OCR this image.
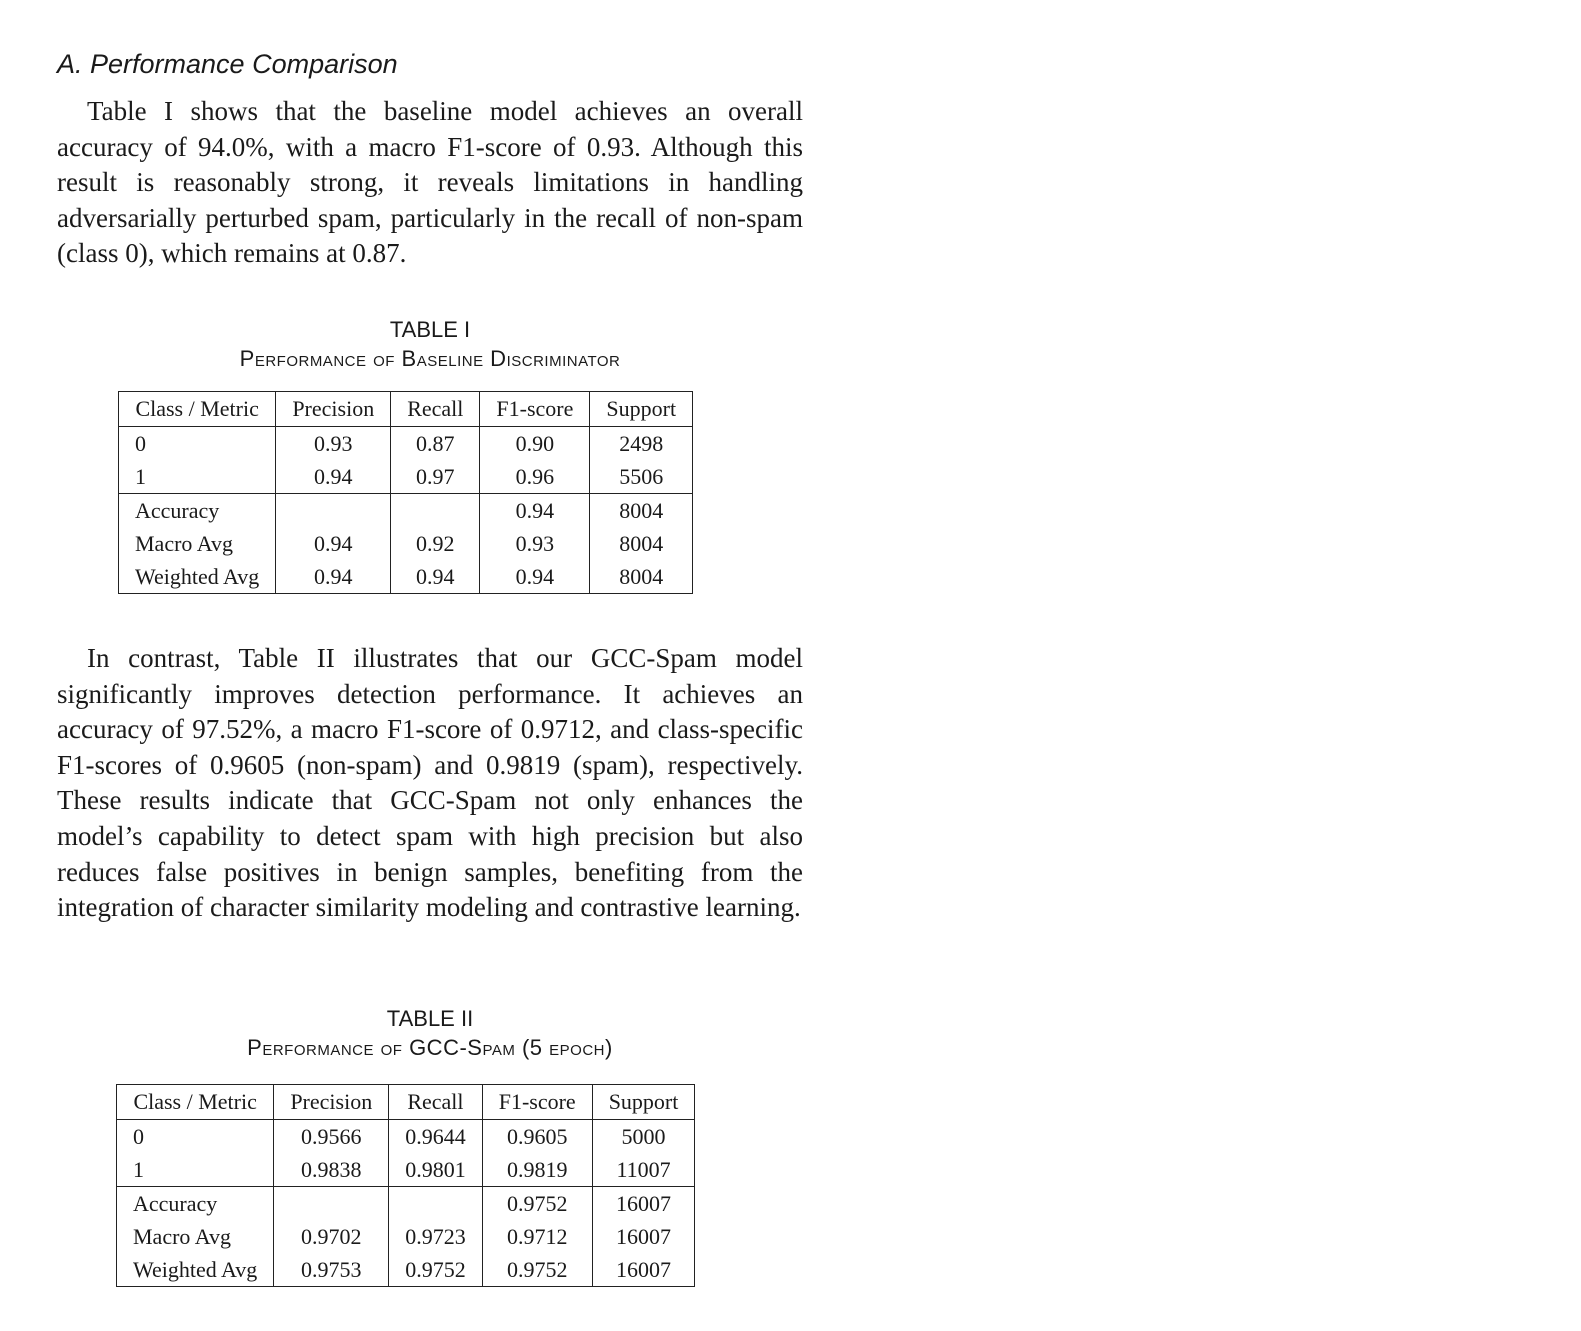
A. Performance Comparison

Table I shows that the baseline model achieves an overall accuracy of 94.0%, with a macro F1-score of 0.93. Although this result is reasonably strong, it reveals limitations in handling adversarially perturbed spam, particularly in the recall of non-spam (class 0), which remains at 0.87.

TABLE I
Performance of Baseline Discriminator
Class / Metric	Precision	Recall	F1-score	Support
0	0.93	0.87	0.90	2498
1	0.94	0.97	0.96	5506
Accuracy			0.94	8004
Macro Avg	0.94	0.92	0.93	8004
Weighted Avg	0.94	0.94	0.94	8004

In contrast, Table II illustrates that our GCC-Spam model significantly improves detection performance. It achieves an accuracy of 97.52%, a macro F1-score of 0.9712, and class-specific F1-scores of 0.9605 (non-spam) and 0.9819 (spam), respectively. These results indicate that GCC-Spam not only enhances the model’s capability to detect spam with high precision but also reduces false positives in benign samples, benefiting from the integration of character similarity modeling and contrastive learning.

TABLE II
Performance of GCC-Spam (5 epoch)
Class / Metric	Precision	Recall	F1-score	Support
0	0.9566	0.9644	0.9605	5000
1	0.9838	0.9801	0.9819	11007
Accuracy			0.9752	16007
Macro Avg	0.9702	0.9723	0.9712	16007
Weighted Avg	0.9753	0.9752	0.9752	16007
